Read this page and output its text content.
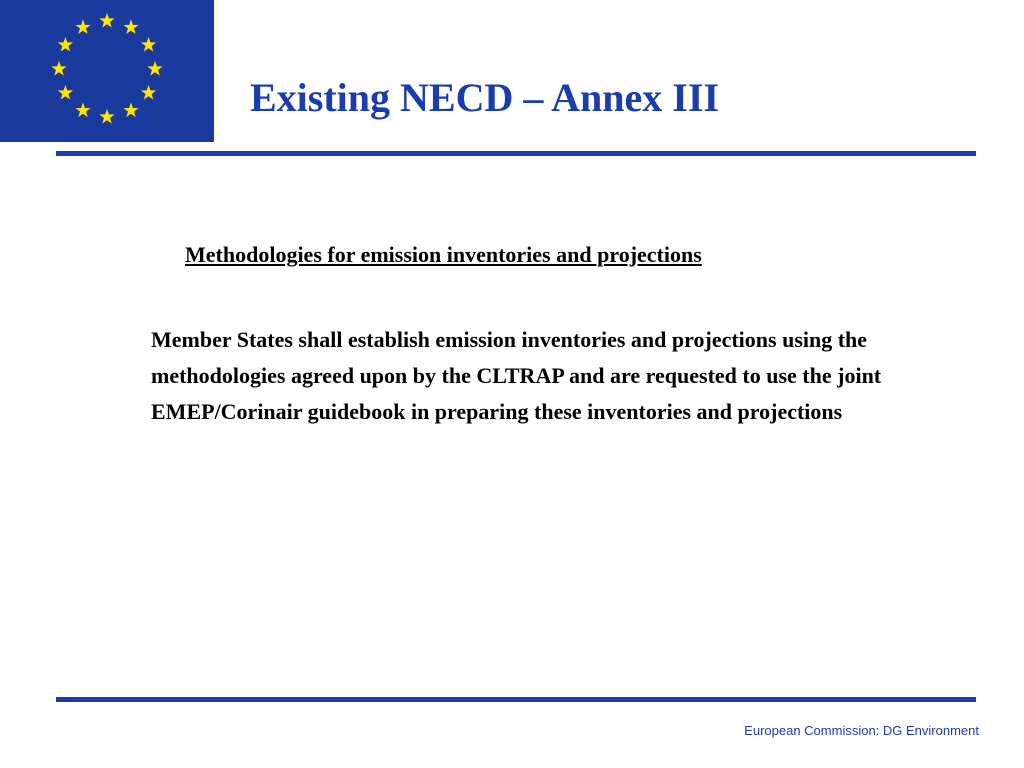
Existing NECD – Annex III
Methodologies for emission inventories and projections

Member States shall establish emission inventories and projections using the methodologies agreed upon by the CLTRAP and are requested to use the joint EMEP/Corinair guidebook in preparing these inventories and projections

European Commission: DG Environment
